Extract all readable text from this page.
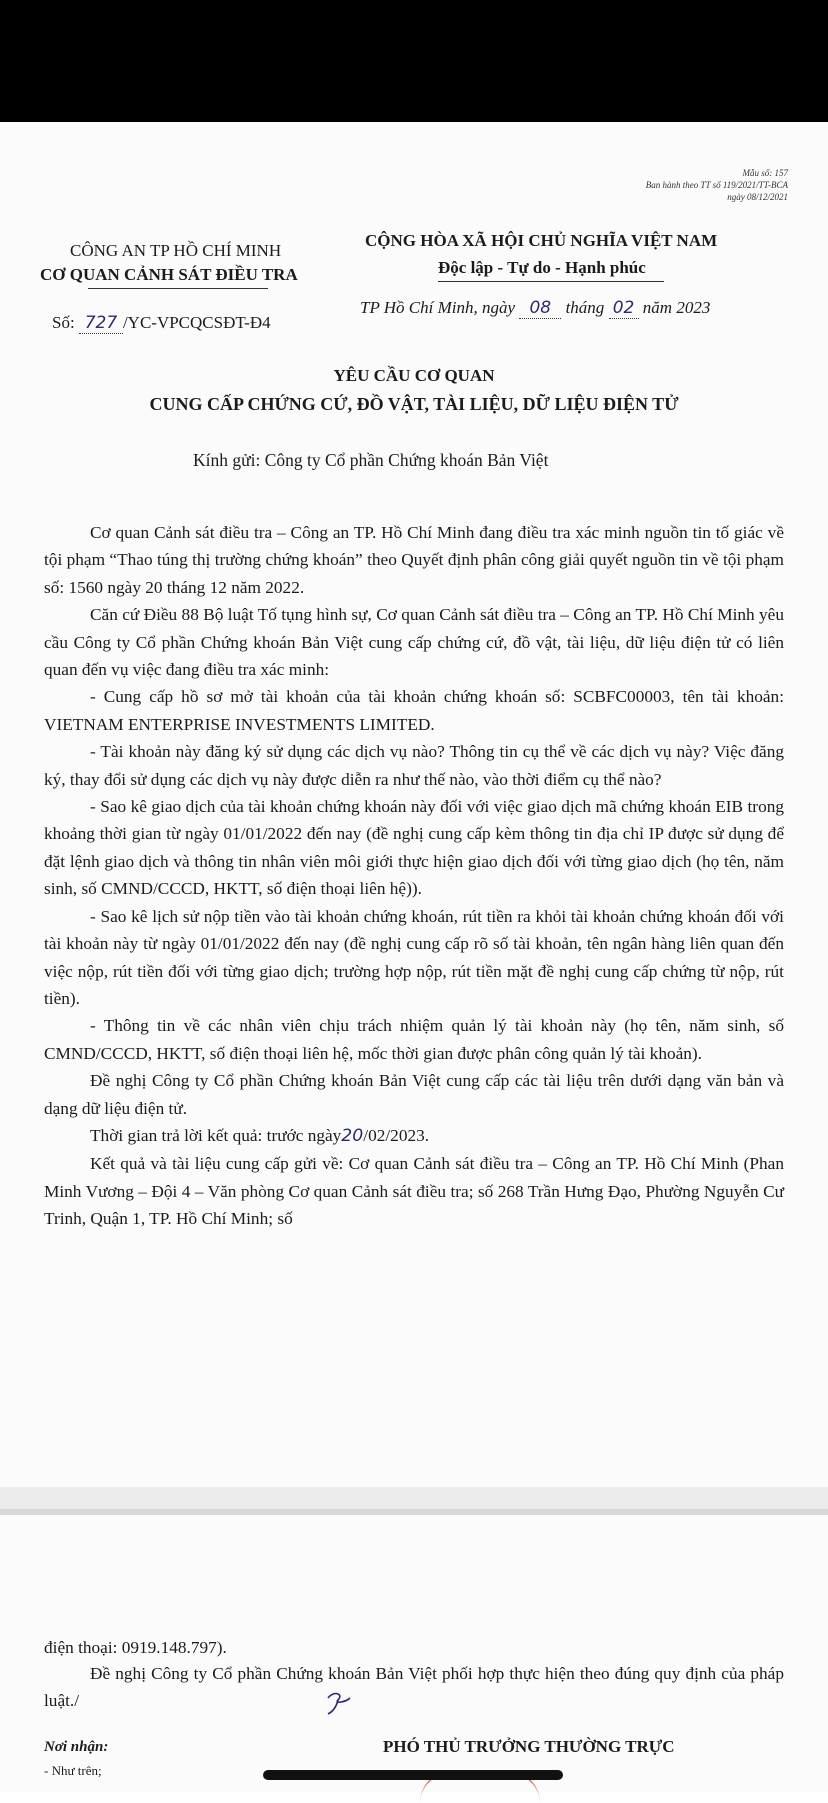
Mẫu số: 157
Ban hành theo TT số 119/2021/TT-BCA
ngày 08/12/2021
CÔNG AN TP HỒ CHÍ MINH
CƠ QUAN CẢNH SÁT ĐIỀU TRA
CỘNG HÒA XÃ HỘI CHỦ NGHĨA VIỆT NAM
Độc lập - Tự do - Hạnh phúc
Số: 727 /YC-VPCQCSĐT-Đ4
TP Hồ Chí Minh, ngày 08 tháng 02 năm 2023
YÊU CẦU CƠ QUAN
CUNG CẤP CHỨNG CỨ, ĐỒ VẬT, TÀI LIỆU, DỮ LIỆU ĐIỆN TỬ
Kính gửi: Công ty Cổ phần Chứng khoán Bản Việt

Cơ quan Cảnh sát điều tra – Công an TP. Hồ Chí Minh đang điều tra xác minh nguồn tin tố giác về tội phạm “Thao túng thị trường chứng khoán” theo Quyết định phân công giải quyết nguồn tin về tội phạm số: 1560 ngày 20 tháng 12 năm 2022.

Căn cứ Điều 88 Bộ luật Tố tụng hình sự, Cơ quan Cảnh sát điều tra – Công an TP. Hồ Chí Minh yêu cầu Công ty Cổ phần Chứng khoán Bản Việt cung cấp chứng cứ, đồ vật, tài liệu, dữ liệu điện tử có liên quan đến vụ việc đang điều tra xác minh:

- Cung cấp hồ sơ mở tài khoản của tài khoản chứng khoán số: SCBFC00003, tên tài khoản: VIETNAM ENTERPRISE INVESTMENTS LIMITED.

- Tài khoản này đăng ký sử dụng các dịch vụ nào? Thông tin cụ thể về các dịch vụ này? Việc đăng ký, thay đổi sử dụng các dịch vụ này được diễn ra như thế nào, vào thời điểm cụ thể nào?

- Sao kê giao dịch của tài khoản chứng khoán này đối với việc giao dịch mã chứng khoán EIB trong khoảng thời gian từ ngày 01/01/2022 đến nay (đề nghị cung cấp kèm thông tin địa chỉ IP được sử dụng để đặt lệnh giao dịch và thông tin nhân viên môi giới thực hiện giao dịch đối với từng giao dịch (họ tên, năm sinh, số CMND/CCCD, HKTT, số điện thoại liên hệ)).

- Sao kê lịch sử nộp tiền vào tài khoản chứng khoán, rút tiền ra khỏi tài khoản chứng khoán đối với tài khoản này từ ngày 01/01/2022 đến nay (đề nghị cung cấp rõ số tài khoản, tên ngân hàng liên quan đến việc nộp, rút tiền đối với từng giao dịch; trường hợp nộp, rút tiền mặt đề nghị cung cấp chứng từ nộp, rút tiền).

- Thông tin về các nhân viên chịu trách nhiệm quản lý tài khoản này (họ tên, năm sinh, số CMND/CCCD, HKTT, số điện thoại liên hệ, mốc thời gian được phân công quản lý tài khoản).

Đề nghị Công ty Cổ phần Chứng khoán Bản Việt cung cấp các tài liệu trên dưới dạng văn bản và dạng dữ liệu điện tử.

Thời gian trả lời kết quả: trước ngày20/02/2023.

Kết quả và tài liệu cung cấp gửi về: Cơ quan Cảnh sát điều tra – Công an TP. Hồ Chí Minh (Phan Minh Vương – Đội 4 – Văn phòng Cơ quan Cảnh sát điều tra; số 268 Trần Hưng Đạo, Phường Nguyễn Cư Trinh, Quận 1, TP. Hồ Chí Minh; số

điện thoại: 0919.148.797).

Đề nghị Công ty Cổ phần Chứng khoán Bản Việt phối hợp thực hiện theo đúng quy định của pháp luật./

Nơi nhận:
- Như trên;
PHÓ THỦ TRƯỞNG THƯỜNG TRỰC
